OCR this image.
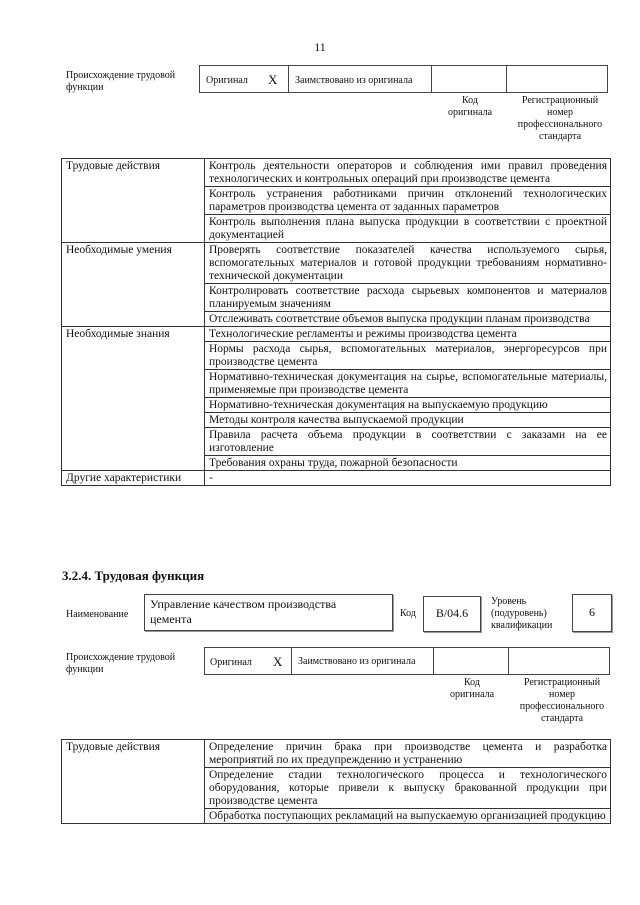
11
Происхождение трудовой функции
Оригинал X Заимствовано из оригинала
Код оригинала
Регистрационный номер профессионального стандарта
Трудовые действия	Контроль деятельности операторов и соблюдения ими правил проведения технологических и контрольных операций при производстве цемента
	Контроль устранения работниками причин отклонений технологических параметров производства цемента от заданных параметров
	Контроль выполнения плана выпуска продукции в соответствии с проектной документацией
Необходимые умения	Проверять соответствие показателей качества используемого сырья, вспомогательных материалов и готовой продукции требованиям нормативно-технической документации
	Контролировать соответствие расхода сырьевых компонентов и материалов планируемым значениям
	Отслеживать соответствие объемов выпуска продукции планам производства
Необходимые знания	Технологические регламенты и режимы производства цемента
	Нормы расхода сырья, вспомогательных материалов, энергоресурсов при производстве цемента
	Нормативно-техническая документация на сырье, вспомогательные материалы, применяемые при производстве цемента
	Нормативно-техническая документация на выпускаемую продукцию
	Методы контроля качества выпускаемой продукции
	Правила расчета объема продукции в соответствии с заказами на ее изготовление
	Требования охраны труда, пожарной безопасности
Другие характеристики	-
3.2.4. Трудовая функция
Наименование
Управление качеством производства цемента	Код	B/04.6
Уровень (подуровень) квалификации
6
Происхождение трудовой функции
Оригинал X Заимствовано из оригинала
Код оригинала
Регистрационный номер профессионального стандарта
Трудовые действия	Определение причин брака при производстве цемента и разработка мероприятий по их предупреждению и устранению
Определение стадии технологического процесса и технологического оборудования, которые привели к выпуску бракованной продукции при производстве цемента
Обработка поступающих рекламаций на выпускаемую организацией продукцию
